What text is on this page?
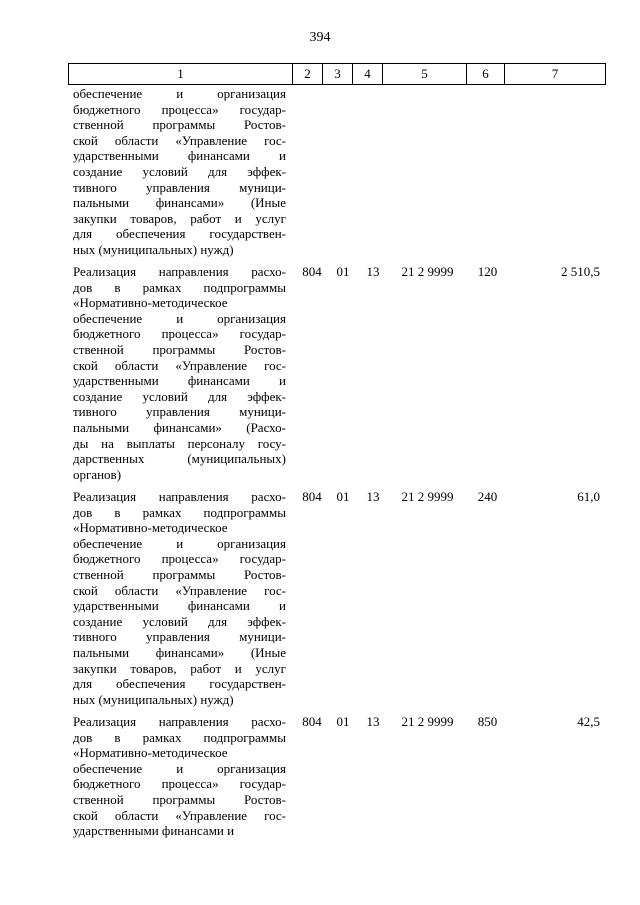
394
1	2	3	4	5	6	7
обеспечение и организация
бюджетного процесса» государ-
ственной программы Ростов-
ской области «Управление гос-
ударственными финансами и
создание условий для эффек-
тивного управления муници-
пальными финансами» (Иные
закупки товаров, работ и услуг
для обеспечения государствен-
ных (муниципальных) нужд)
Реализация направления расхо-
дов в рамках подпрограммы
«Нормативно-методическое
обеспечение и организация
бюджетного процесса» государ-
ственной программы Ростов-
ской области «Управление гос-
ударственными финансами и
создание условий для эффек-
тивного управления муници-
пальными финансами» (Расхо-
ды на выплаты персоналу госу-
дарственных (муниципальных)
органов)
804	01	13	21 2 9999	120	2 510,5
Реализация направления расхо-
дов в рамках подпрограммы
«Нормативно-методическое
обеспечение и организация
бюджетного процесса» государ-
ственной программы Ростов-
ской области «Управление гос-
ударственными финансами и
создание условий для эффек-
тивного управления муници-
пальными финансами» (Иные
закупки товаров, работ и услуг
для обеспечения государствен-
ных (муниципальных) нужд)
804	01	13	21 2 9999	240	61,0
Реализация направления расхо-
дов в рамках подпрограммы
«Нормативно-методическое
обеспечение и организация
бюджетного процесса» государ-
ственной программы Ростов-
ской области «Управление гос-
ударственными финансами и
804	01	13	21 2 9999	850	42,5
